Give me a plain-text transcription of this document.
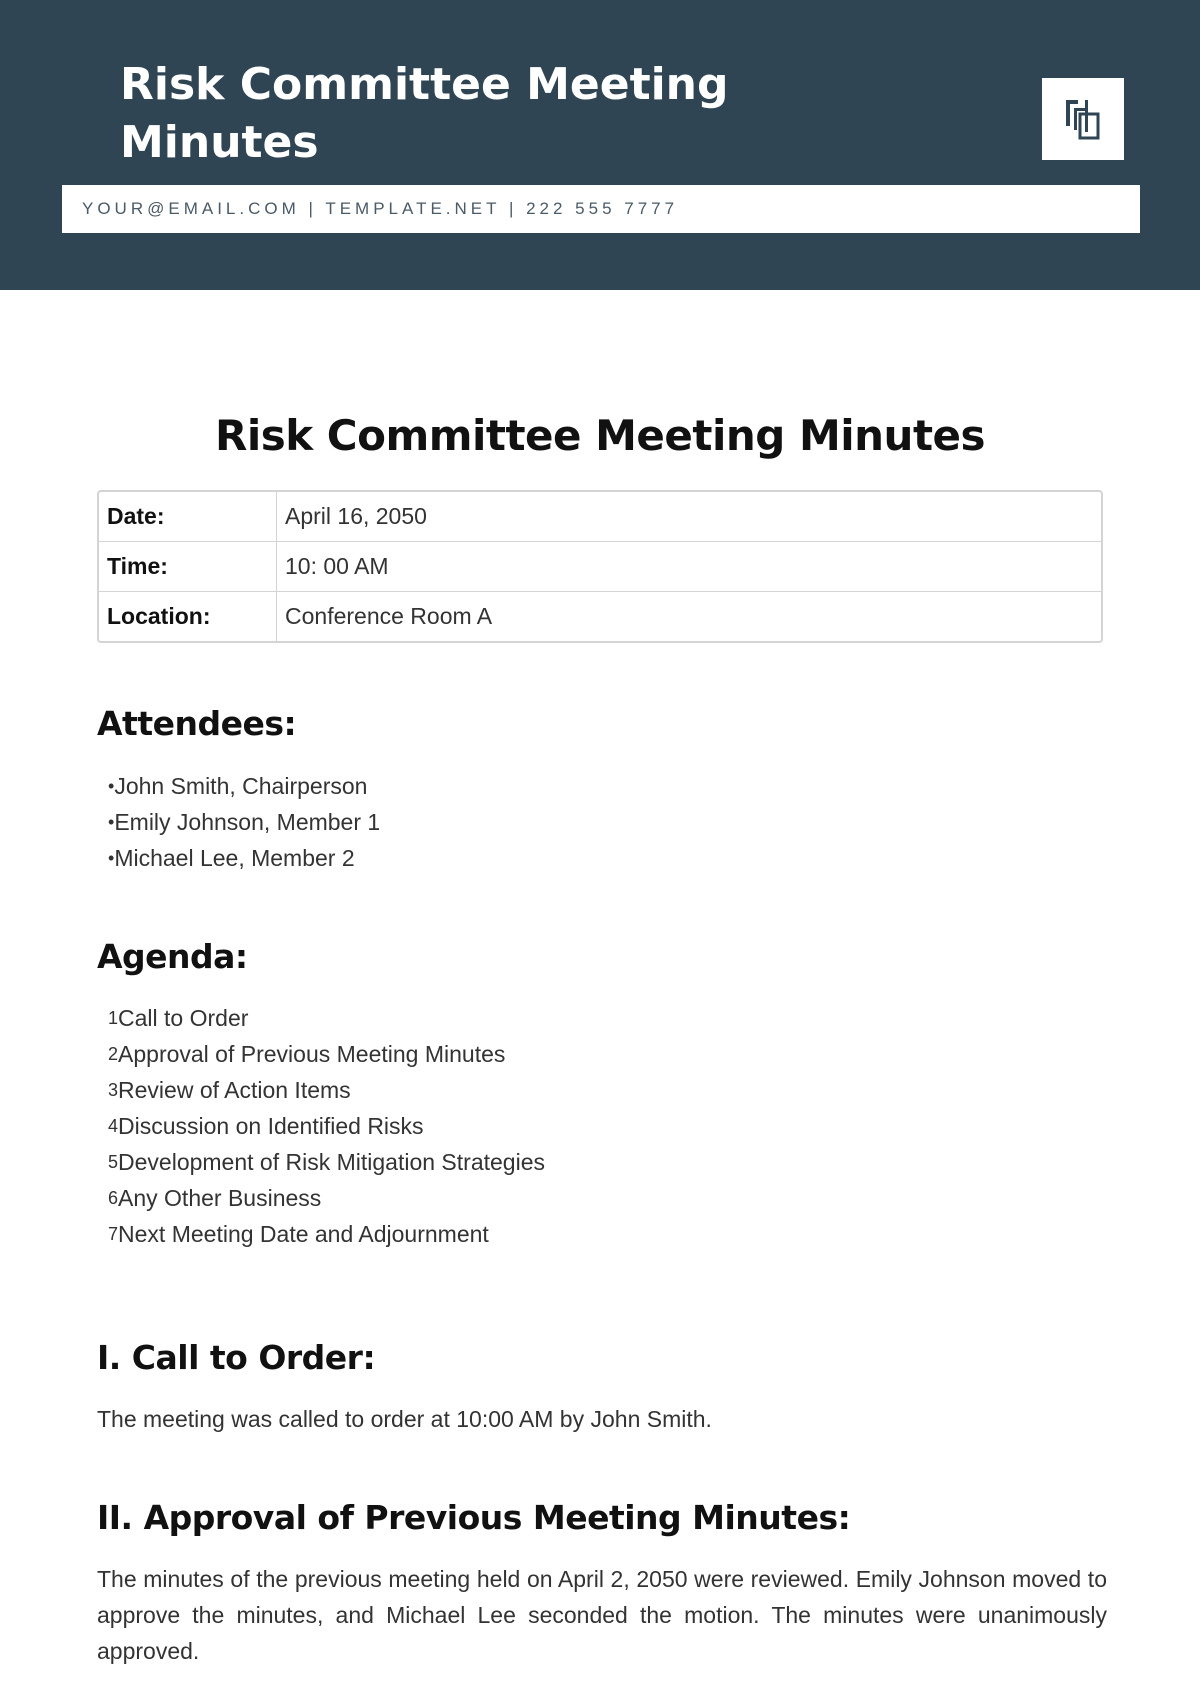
Risk Committee Meeting Minutes
YOUR@EMAIL.COM | TEMPLATE.NET | 222 555 7777
Risk Committee Meeting Minutes
Date:	April 16, 2050
Time:	10: 00 AM
Location:	Conference Room A
Attendees:
• John Smith, Chairperson
• Emily Johnson, Member 1
• Michael Lee, Member 2
Agenda:
1 Call to Order
2 Approval of Previous Meeting Minutes
3 Review of Action Items
4 Discussion on Identified Risks
5 Development of Risk Mitigation Strategies
6 Any Other Business
7 Next Meeting Date and Adjournment
I. Call to Order:

The meeting was called to order at 10:00 AM by John Smith.

II. Approval of Previous Meeting Minutes:

The minutes of the previous meeting held on April 2, 2050 were reviewed. Emily Johnson moved to approve the minutes, and Michael Lee seconded the motion. The minutes were unanimously approved.
